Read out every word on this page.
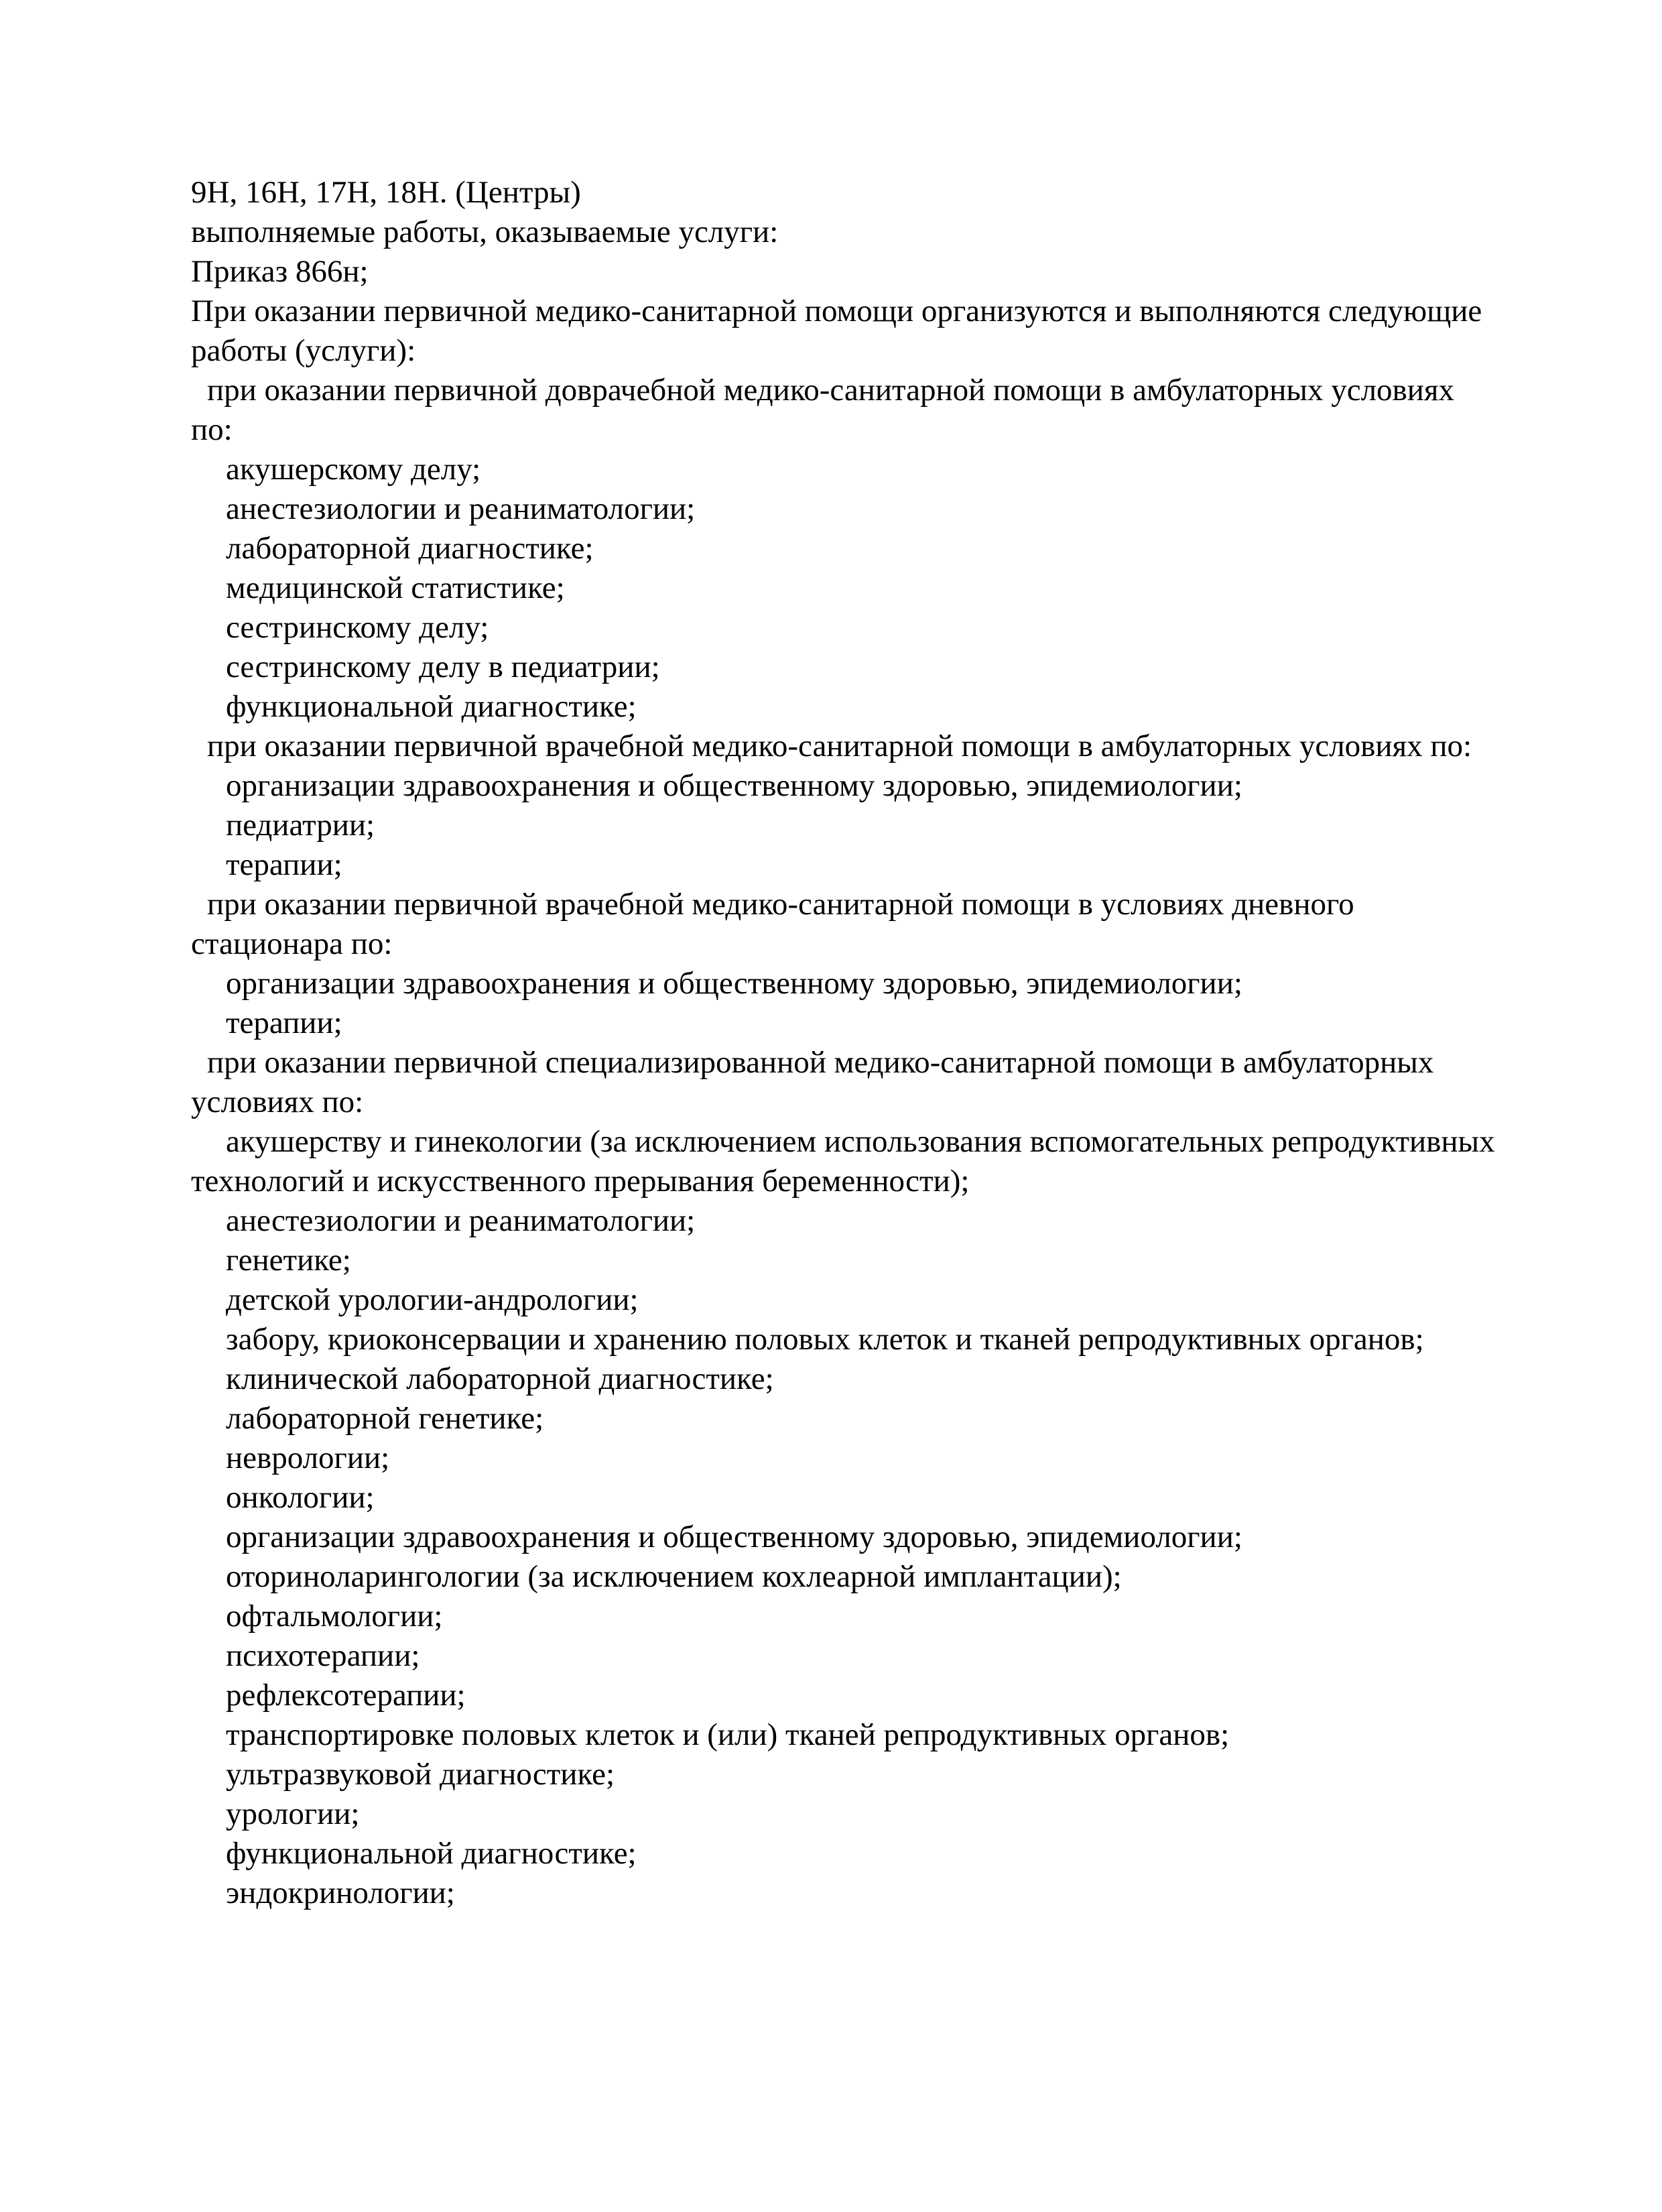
9Н, 16Н, 17Н, 18Н. (Центры)

выполняемые работы, оказываемые услуги:

Приказ 866н;

При оказании первичной медико-санитарной помощи организуются и выполняются следующие

работы (услуги):

при оказании первичной доврачебной медико-санитарной помощи в амбулаторных условиях

по:

акушерскому делу;

анестезиологии и реаниматологии;

лабораторной диагностике;

медицинской статистике;

сестринскому делу;

сестринскому делу в педиатрии;

функциональной диагностике;

при оказании первичной врачебной медико-санитарной помощи в амбулаторных условиях по:

организации здравоохранения и общественному здоровью, эпидемиологии;

педиатрии;

терапии;

при оказании первичной врачебной медико-санитарной помощи в условиях дневного

стационара по:

организации здравоохранения и общественному здоровью, эпидемиологии;

терапии;

при оказании первичной специализированной медико-санитарной помощи в амбулаторных

условиях по:

акушерству и гинекологии (за исключением использования вспомогательных репродуктивных

технологий и искусственного прерывания беременности);

анестезиологии и реаниматологии;

генетике;

детской урологии-андрологии;

забору, криоконсервации и хранению половых клеток и тканей репродуктивных органов;

клинической лабораторной диагностике;

лабораторной генетике;

неврологии;

онкологии;

организации здравоохранения и общественному здоровью, эпидемиологии;

оториноларингологии (за исключением кохлеарной имплантации);

офтальмологии;

психотерапии;

рефлексотерапии;

транспортировке половых клеток и (или) тканей репродуктивных органов;

ультразвуковой диагностике;

урологии;

функциональной диагностике;

эндокринологии;
